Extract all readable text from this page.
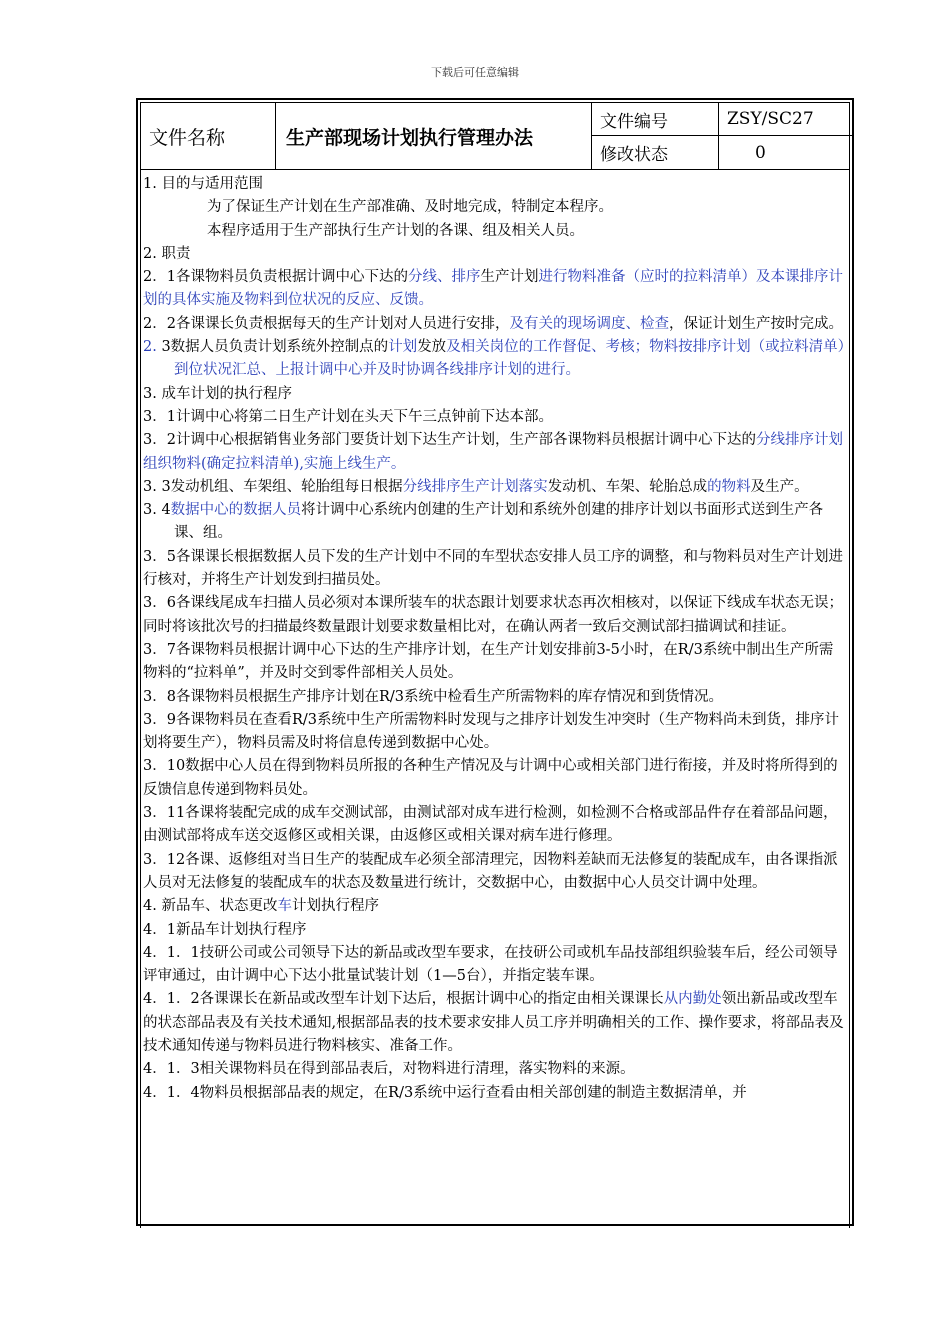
下载后可任意编辑
文件名称	生产部现场计划执行管理办法
文件编号
修改状态
ZSY/SC27
0

1. 目的与适用范围

为了保证生产计划在生产部准确、及时地完成，特制定本程序。

本程序适用于生产部执行生产计划的各课、组及相关人员。

2. 职责

2．1各课物料员负责根据计调中心下达的分线、排序生产计划进行物料准备（应时的拉料清单）及本课排序计划的具体实施及物料到位状况的反应、反馈。

2．2各课课长负责根据每天的生产计划对人员进行安排，及有关的现场调度、检查，保证计划生产按时完成。

2. 3数据人员负责计划系统外控制点的计划发放及相关岗位的工作督促、考核；物料按排序计划（或拉料清单）到位状况汇总、上报计调中心并及时协调各线排序计划的进行。

3. 成车计划的执行程序

3．1计调中心将第二日生产计划在头天下午三点钟前下达本部。

3．2计调中心根据销售业务部门要货计划下达生产计划，生产部各课物料员根据计调中心下达的分线排序计划组织物料(确定拉料清单),实施上线生产。

3. 3发动机组、车架组、轮胎组每日根据分线排序生产计划落实发动机、车架、轮胎总成的物料及生产。

3. 4数据中心的数据人员将计调中心系统内创建的生产计划和系统外创建的排序计划以书面形式送到生产各课、组。

3．5各课课长根据数据人员下发的生产计划中不同的车型状态安排人员工序的调整，和与物料员对生产计划进行核对，并将生产计划发到扫描员处。

3．6各课线尾成车扫描人员必须对本课所装车的状态跟计划要求状态再次相核对，以保证下线成车状态无误；同时将该批次号的扫描最终数量跟计划要求数量相比对，在确认两者一致后交测试部扫描调试和挂证。

3．7各课物料员根据计调中心下达的生产排序计划，在生产计划安排前3-5小时，在R/3系统中制出生产所需物料的“拉料单”，并及时交到零件部相关人员处。

3．8各课物料员根据生产排序计划在R/3系统中检看生产所需物料的库存情况和到货情况。

3．9各课物料员在查看R/3系统中生产所需物料时发现与之排序计划发生冲突时（生产物料尚未到货，排序计划将要生产），物料员需及时将信息传递到数据中心处。

3．10数据中心人员在得到物料员所报的各种生产情况及与计调中心或相关部门进行衔接，并及时将所得到的反馈信息传递到物料员处。

3．11各课将装配完成的成车交测试部，由测试部对成车进行检测，如检测不合格或部品件存在着部品问题，由测试部将成车送交返修区或相关课，由返修区或相关课对病车进行修理。

3．12各课、返修组对当日生产的装配成车必须全部清理完，因物料差缺而无法修复的装配成车，由各课指派人员对无法修复的装配成车的状态及数量进行统计，交数据中心，由数据中心人员交计调中处理。

4. 新品车、状态更改车计划执行程序

4．1新品车计划执行程序

4．1．1技研公司或公司领导下达的新品或改型车要求，在技研公司或机车品技部组织验装车后，经公司领导评审通过，由计调中心下达小批量试装计划（1—5台），并指定装车课。

4．1．2各课课长在新品或改型车计划下达后，根据计调中心的指定由相关课课长从内勤处领出新品或改型车的状态部品表及有关技术通知,根据部品表的技术要求安排人员工序并明确相关的工作、操作要求，将部品表及技术通知传递与物料员进行物料核实、准备工作。

4．1．3相关课物料员在得到部品表后，对物料进行清理，落实物料的来源。

4．1．4物料员根据部品表的规定，在R/3系统中运行查看由相关部创建的制造主数据清单，并
